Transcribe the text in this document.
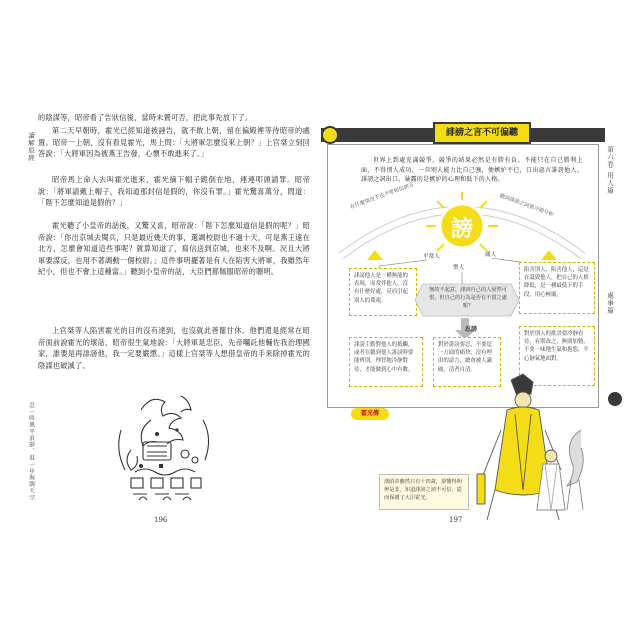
讀解原經
忍一時風平浪靜，退一步海闊天空

的陰謀等，昭帝看了告狀信後，當時未置可否，把此事先放下了。

第二天早朝時，霍光已經知道被誣告，就不敢上朝，留在偏殿裡等待昭帝的處置。昭帝一上朝，沒有看見霍光，馬上問：「大將軍怎麼沒來上朝？」上官桀立刻回答說：「大將軍因為被燕王告發，心懷不敢進來了。」

昭帝馬上命人去叫霍光進來，霍光摘下帽子跪倒在地，連連叩頭請罪。昭帝說：「將軍請戴上帽子，我知道那封信是假的，你沒有罪。」霍光驚喜萬分，問道：「陛下怎麼知道是假的？」

霍光聽了小皇帝的話後，又驚又喜，昭帝說：「陛下怎麼知道信是假的呢？」昭帝說：「你出京城去閱兵，只是最近幾天的事，選調校尉也不過十天，可是燕王遠在北方，怎麼會知道這些事呢？就算知道了，寫信送到京城，也來不及啊。況且大將軍要謀反，也用不著調動一個校尉。」這件事明擺著是有人在陷害大將軍，我雖然年紀小，但也不會上這種當。」聽到小皇帝的話，大臣們都佩服昭帝的聰明。

上官桀等人陷害霍光的目的沒有達到，也沒就此善罷甘休。他們還是經常在昭帝面前說霍光的壞話，昭帝很生氣地說：「大將軍是忠臣，先帝囑託他輔佐我治理國家，誰要是再誹謗他，我一定要嚴懲。」這樣上官桀等人想借皇帝的手來除掉霍光的陰謀也破滅了。

196
誹謗之言不可偏聽
第六卷 用人篇
處事篇

世界上到處充滿競爭，競爭的結果必然是有勝有負。不能只在自己勝利上面，不得別人成功，一旦別人能力比自己強，便嫉妒不已，口出惡言誹謗他人。誹謗之詞出口，暴露的是嫉妒的心理和低下的人格。

在什麼情況下也不要相信謗言	聽到誹謗之詞要冷靜分析
謗
平常人	庸人
聖人
誹謗他人是一種無能的表現，而常伴他人，沒有什麼好處，反而引起別人的蔑視。
陷害別人、陷害他人，這是在詆毀他人，把自己的人格降低，是一種最低下的手段，用心極壞。
無故不起意，誹謗自己的人固然可恨，但自己的行為是否有不當之處呢？
忍謗
誹謗主動對他人的抵觸，或者在聽到他人誹謗時要能辨別，理智地冷靜對待，才能做到心中有數。
對於誹謗要忍，不要逞一方面的痛快，沒有理由的謗言，總會被人識破，清者自清。
對於別人的批評要冷靜看待，有則改之，無則加勉，不要一味地生氣和抱怨，平心靜氣地面對。
霍光傳
漢昭帝雖然只有十四歲，卻懂得明辨是非，知道誹謗之詞不可信，從而保護了大臣霍光。
197
